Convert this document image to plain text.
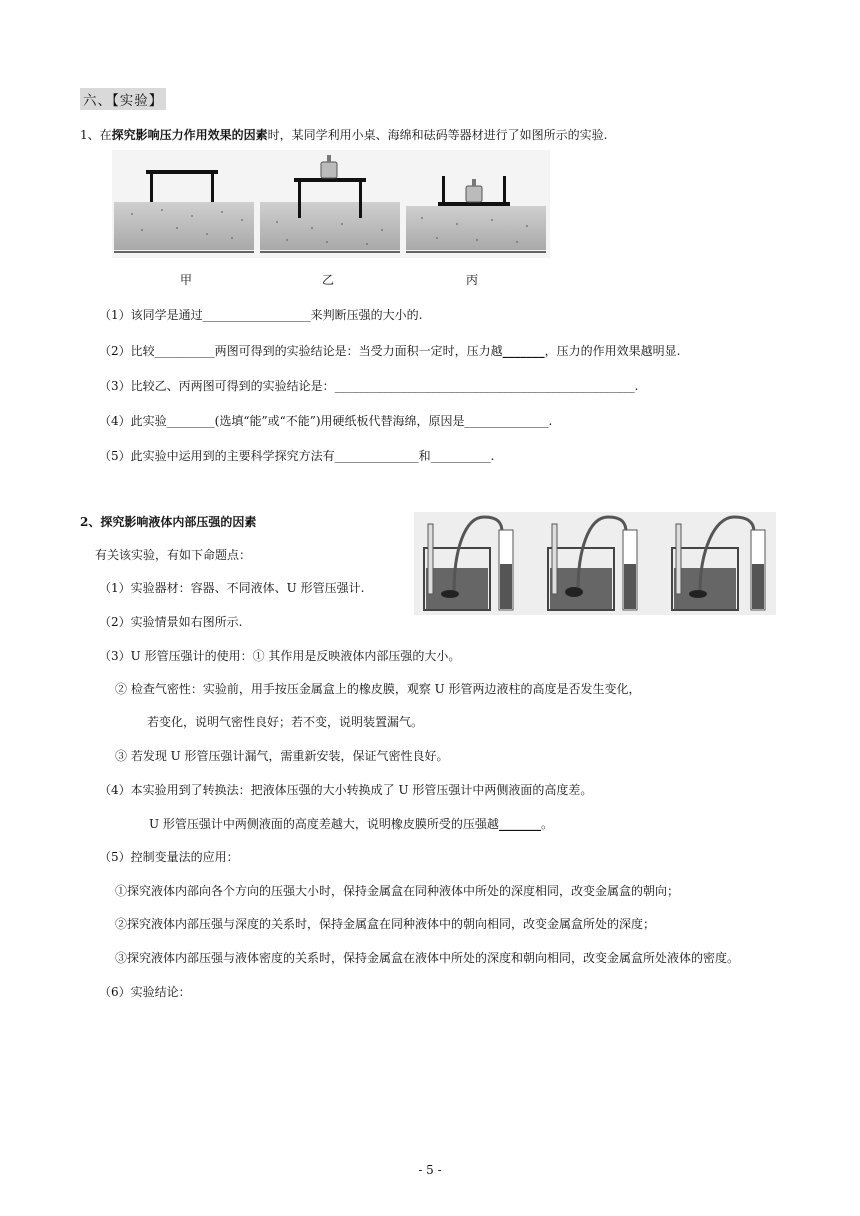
六、【实验】
1、在探究影响压力作用效果的因素时，某同学利用小桌、海绵和砝码等器材进行了如图所示的实验.
甲	乙	丙
（1）该同学是通过__________________来判断压强的大小的.
（2）比较__________两图可得到的实验结论是：当受力面积一定时，压力越_______，压力的作用效果越明显.
（3）比较乙、丙两图可得到的实验结论是：__________________________________________________.
（4）此实验________(选填“能”或“不能”)用硬纸板代替海绵，原因是______________.
（5）此实验中运用到的主要科学探究方法有______________和__________.
2、探究影响液体内部压强的因素
有关该实验，有如下命题点：
（1）实验器材：容器、不同液体、U 形管压强计.
（2）实验情景如右图所示.
（3）U 形管压强计的使用：① 其作用是反映液体内部压强的大小。
② 检查气密性：实验前，用手按压金属盒上的橡皮膜，观察 U 形管两边液柱的高度是否发生变化，
若变化，说明气密性良好；若不变，说明装置漏气。
③ 若发现 U 形管压强计漏气，需重新安装，保证气密性良好。
（4）本实验用到了转换法：把液体压强的大小转换成了 U 形管压强计中两侧液面的高度差。
U 形管压强计中两侧液面的高度差越大，说明橡皮膜所受的压强越_______。
（5）控制变量法的应用：
①探究液体内部向各个方向的压强大小时，保持金属盒在同种液体中所处的深度相同，改变金属盒的朝向；
②探究液体内部压强与深度的关系时，保持金属盒在同种液体中的朝向相同，改变金属盒所处的深度；
③探究液体内部压强与液体密度的关系时，保持金属盒在液体中所处的深度和朝向相同，改变金属盒所处液体的密度。
（6）实验结论：
- 5 -
